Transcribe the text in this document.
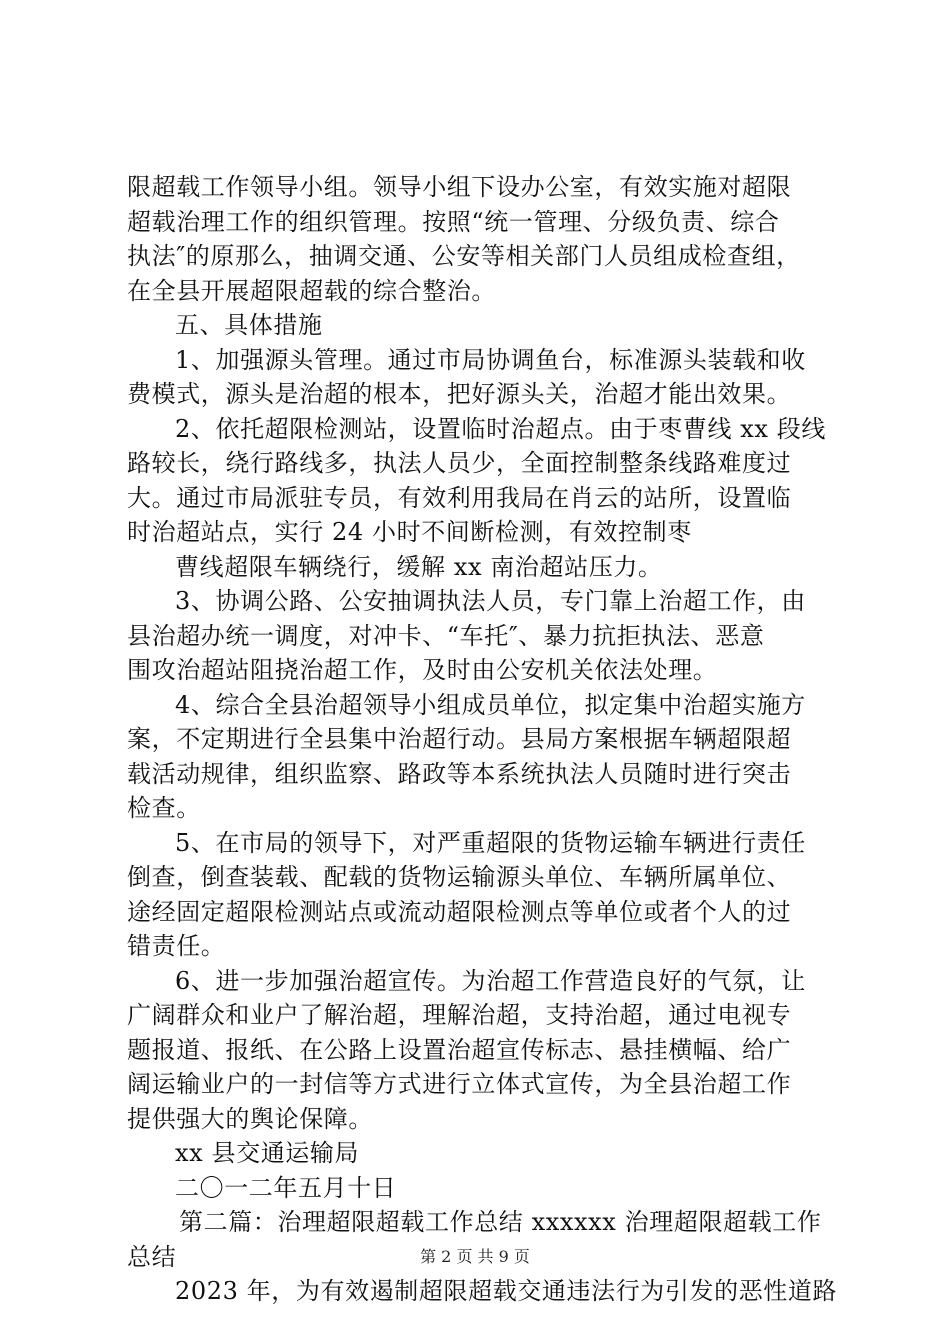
限超载工作领导小组。领导小组下设办公室，有效实施对超限
超载治理工作的组织管理。按照“统一管理、分级负责、综合
执法″的原那么，抽调交通、公安等相关部门人员组成检查组，
在全县开展超限超载的综合整治。
五、具体措施
1、加强源头管理。通过市局协调鱼台，标准源头装载和收
费模式，源头是治超的根本，把好源头关，治超才能出效果。
2、依托超限检测站，设置临时治超点。由于枣曹线 xx 段线
路较长，绕行路线多，执法人员少，全面控制整条线路难度过
大。通过市局派驻专员，有效利用我局在肖云的站所，设置临
时治超站点，实行 24 小时不间断检测，有效控制枣
曹线超限车辆绕行，缓解 xx 南治超站压力。
3、协调公路、公安抽调执法人员，专门靠上治超工作，由
县治超办统一调度，对冲卡、“车托″、暴力抗拒执法、恶意
围攻治超站阻挠治超工作，及时由公安机关依法处理。
4、综合全县治超领导小组成员单位，拟定集中治超实施方
案，不定期进行全县集中治超行动。县局方案根据车辆超限超
载活动规律，组织监察、路政等本系统执法人员随时进行突击
检查。
5、在市局的领导下，对严重超限的货物运输车辆进行责任
倒查，倒查装载、配载的货物运输源头单位、车辆所属单位、
途经固定超限检测站点或流动超限检测点等单位或者个人的过
错责任。
6、进一步加强治超宣传。为治超工作营造良好的气氛，让
广阔群众和业户了解治超，理解治超，支持治超，通过电视专
题报道、报纸、在公路上设置治超宣传标志、悬挂横幅、给广
阔运输业户的一封信等方式进行立体式宣传，为全县治超工作
提供强大的舆论保障。
xx 县交通运输局
二〇一二年五月十日
第二篇：治理超限超载工作总结 xxxxxx 治理超限超载工作
总结
2023 年，为有效遏制超限超载交通违法行为引发的恶性道路
第 2 页 共 9 页
